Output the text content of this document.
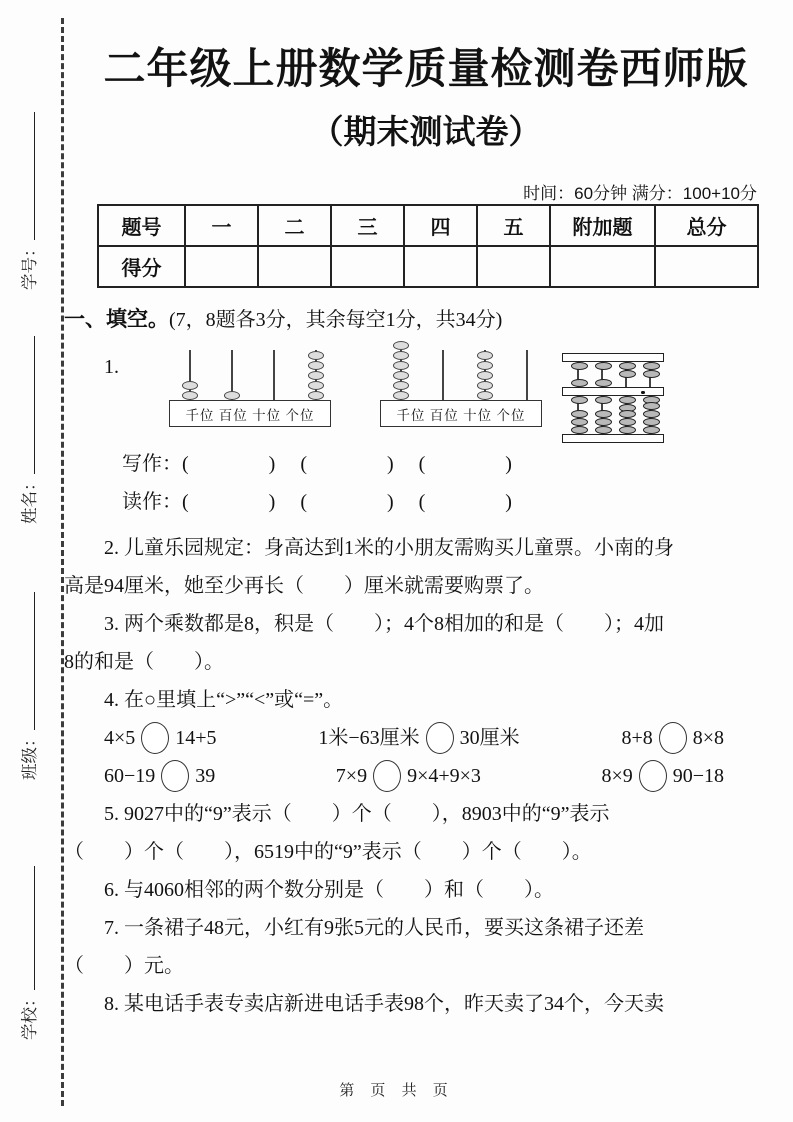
学号：
姓名：
班级：
学校：
二年级上册数学质量检测卷西师版
（期末测试卷）
时间：60分钟 满分：100+10分
题号	一	二	三	四	五	附加题	总分
得分							
一、填空。(7，8题各3分，其余每空1分，共34分)
1.
千位 百位 十位 个位	千位 百位 十位 个位
写作：(　　　　)　 (　　　　)　 (　　　　)
读作：(　　　　)　 (　　　　)　 (　　　　)
2. 儿童乐园规定：身高达到1米的小朋友需购买儿童票。小南的身
高是94厘米，她至少再长（　　）厘米就需要购票了。
3. 两个乘数都是8，积是（　　）；4个8相加的和是（　　）；4加
8的和是（　　）。
4. 在○里填上“>”“<”或“=”。
4×5 14+5	1米−63厘米 30厘米	8+8 8×8
60−19 39	7×9 9×4+9×3	8×9 90−18
5. 9027中的“9”表示（　　）个（　　），8903中的“9”表示
（　　）个（　　），6519中的“9”表示（　　）个（　　）。
6. 与4060相邻的两个数分别是（　　）和（　　）。
7. 一条裙子48元，小红有9张5元的人民币，要买这条裙子还差
（　　）元。
8. 某电话手表专卖店新进电话手表98个，昨天卖了34个，今天卖
第 页 共 页
